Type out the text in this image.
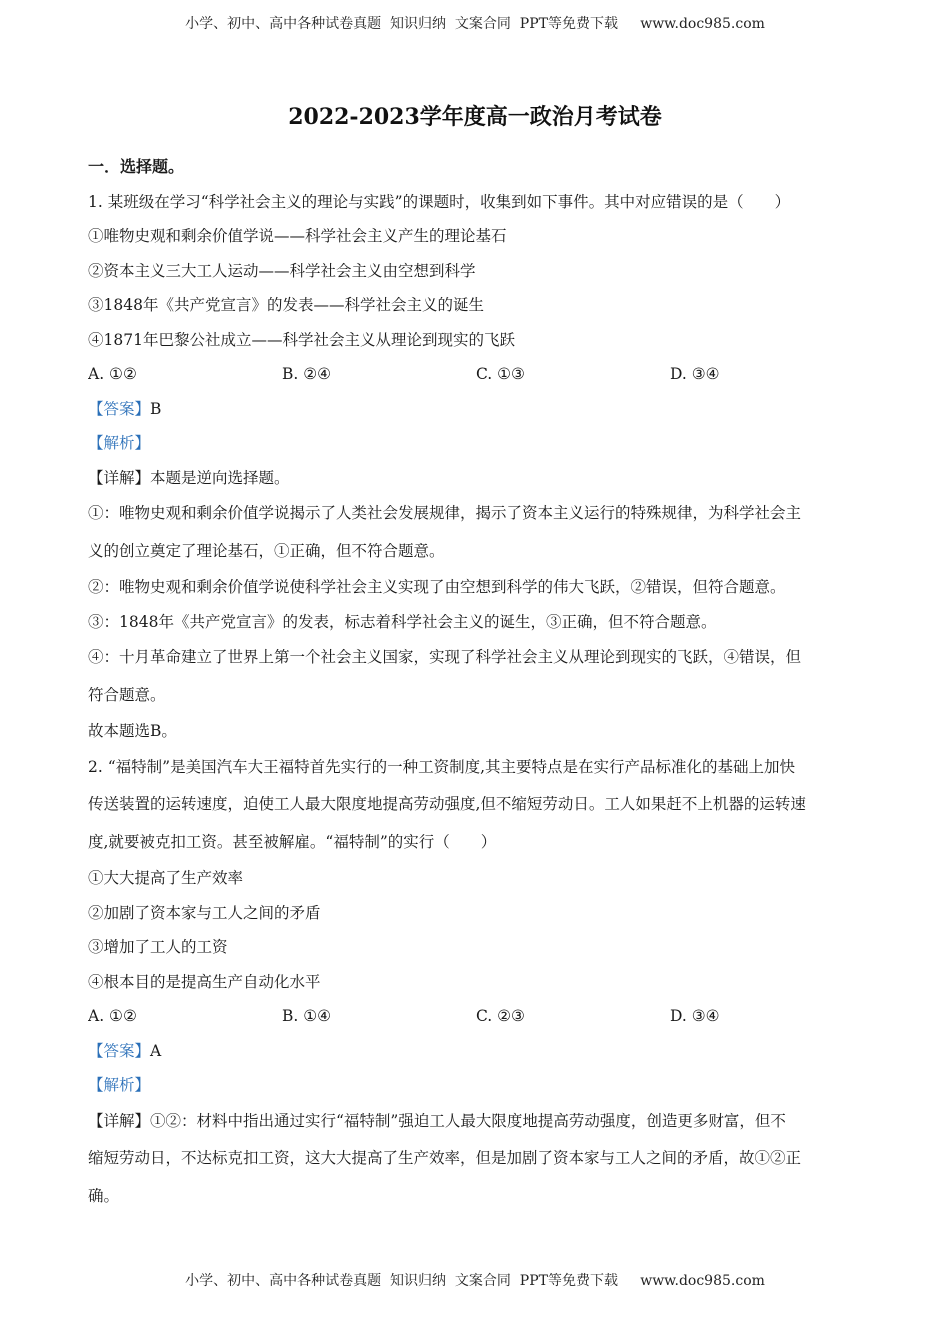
小学、初中、高中各种试卷真题  知识归纳  文案合同  PPT等免费下载     www.doc985.com
2022-2023学年度高一政治月考试卷
一．选择题。
1. 某班级在学习“科学社会主义的理论与实践”的课题时，收集到如下事件。其中对应错误的是（　　）
①唯物史观和剩余价值学说——科学社会主义产生的理论基石
②资本主义三大工人运动——科学社会主义由空想到科学
③1848年《共产党宣言》的发表——科学社会主义的诞生
④1871年巴黎公社成立——科学社会主义从理论到现实的飞跃
A. ①②	B. ②④	C. ①③	D. ③④
【答案】B
【解析】
【详解】本题是逆向选择题。
①：唯物史观和剩余价值学说揭示了人类社会发展规律，揭示了资本主义运行的特殊规律，为科学社会主
义的创立奠定了理论基石，①正确，但不符合题意。
②：唯物史观和剩余价值学说使科学社会主义实现了由空想到科学的伟大飞跃，②错误，但符合题意。
③：1848年《共产党宣言》的发表，标志着科学社会主义的诞生，③正确，但不符合题意。
④：十月革命建立了世界上第一个社会主义国家，实现了科学社会主义从理论到现实的飞跃，④错误，但
符合题意。
故本题选B。
2. “福特制”是美国汽车大王福特首先实行的一种工资制度,其主要特点是在实行产品标准化的基础上加快
传送装置的运转速度，迫使工人最大限度地提高劳动强度,但不缩短劳动日。工人如果赶不上机器的运转速
度,就要被克扣工资。甚至被解雇。“福特制”的实行（　　）
①大大提高了生产效率
②加剧了资本家与工人之间的矛盾
③增加了工人的工资
④根本目的是提高生产自动化水平
A. ①②	B. ①④	C. ②③	D. ③④
【答案】A
【解析】
【详解】①②：材料中指出通过实行“福特制”强迫工人最大限度地提高劳动强度，创造更多财富，但不
缩短劳动日，不达标克扣工资，这大大提高了生产效率，但是加剧了资本家与工人之间的矛盾，故①②正
确。
小学、初中、高中各种试卷真题  知识归纳  文案合同  PPT等免费下载     www.doc985.com
